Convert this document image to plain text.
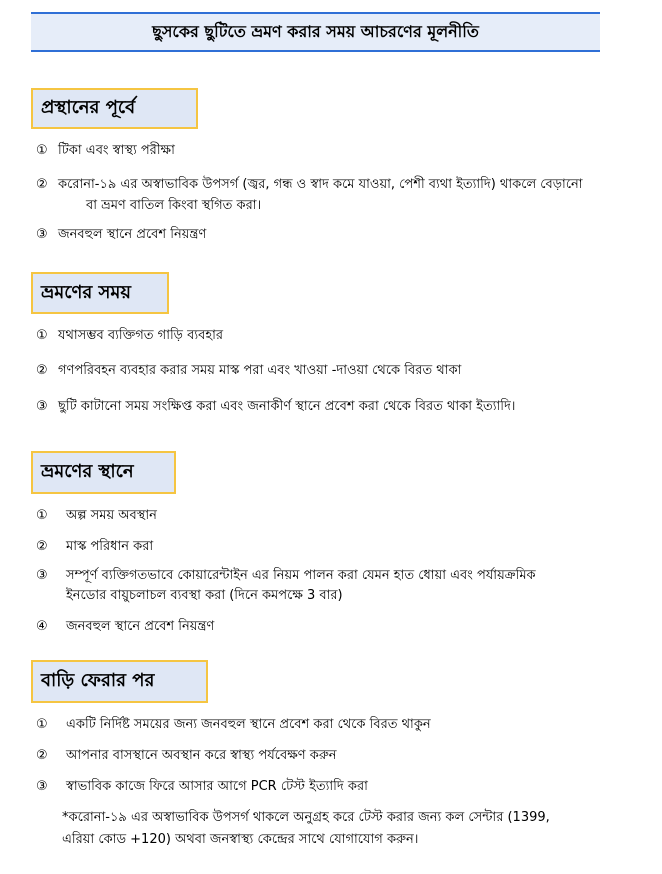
ছুসকের ছুটিতে ভ্রমণ করার সময় আচরণের মূলনীতি
প্রস্থানের পূর্বে
① টিকা এবং স্বাস্থ্য পরীক্ষা
② করোনা-১৯ এর অস্বাভাবিক উপসর্গ (জ্বর, গন্ধ ও স্বাদ কমে যাওয়া, পেশী ব্যথা ইত্যাদি) থাকলে বেড়ানো
বা ভ্রমণ বাতিল কিংবা স্থগিত করা।
③ জনবহুল স্থানে প্রবেশ নিয়ন্ত্রণ
ভ্রমণের সময়
① যথাসম্ভব ব্যক্তিগত গাড়ি ব্যবহার
② গণপরিবহন ব্যবহার করার সময় মাস্ক পরা এবং খাওয়া -দাওয়া থেকে বিরত থাকা
③ ছুটি কাটানো সময় সংক্ষিপ্ত করা এবং জনাকীর্ণ স্থানে প্রবেশ করা থেকে বিরত থাকা ইত্যাদি।
ভ্রমণের স্থানে
① অল্প সময় অবস্থান
② মাস্ক পরিধান করা
③ সম্পূর্ণ ব্যক্তিগতভাবে কোয়ারেন্টাইন এর নিয়ম পালন করা যেমন হাত ধোয়া এবং পর্যায়ক্রমিক
ইনডোর বায়ুচলাচল ব্যবস্থা করা (দিনে কমপক্ষে 3 বার)
④ জনবহুল স্থানে প্রবেশ নিয়ন্ত্রণ
বাড়ি ফেরার পর
① একটি নির্দিষ্ট সময়ের জন্য জনবহুল স্থানে প্রবেশ করা থেকে বিরত থাকুন
② আপনার বাসস্থানে অবস্থান করে স্বাস্থ্য পর্যবেক্ষণ করুন
③ স্বাভাবিক কাজে ফিরে আসার আগে PCR টেস্ট ইত্যাদি করা
*করোনা-১৯ এর অস্বাভাবিক উপসর্গ থাকলে অনুগ্রহ করে টেস্ট করার জন্য কল সেন্টার (1399,
এরিয়া কোড +120) অথবা জনস্বাস্থ্য কেন্দ্রের সাথে যোগাযোগ করুন।
